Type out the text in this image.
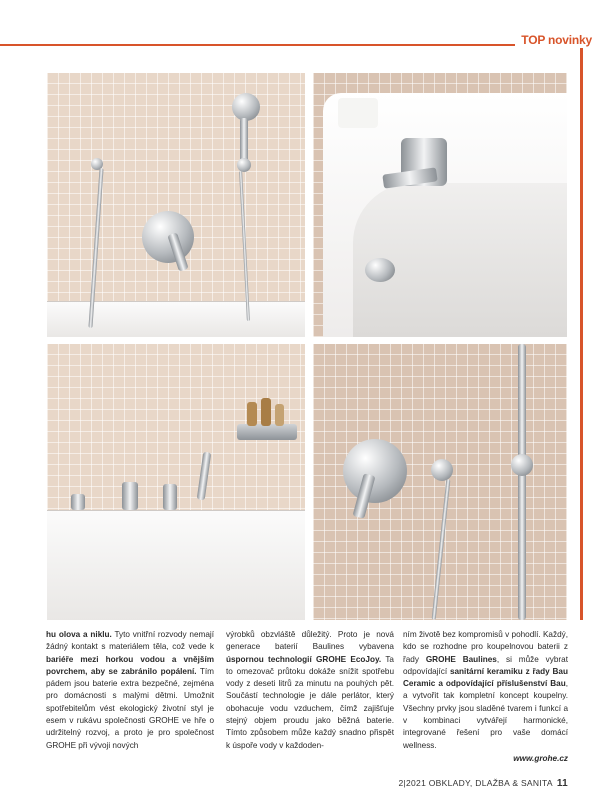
TOP novinky

hu olova a niklu. Tyto vnitřní rozvody nemají žádný kontakt s materiálem těla, což vede k bariéře mezi horkou vodou a vnějším povrchem, aby se zabránilo popálení. Tím pádem jsou baterie extra bezpečné, zejména pro domácnosti s malými dětmi. Umožnit spotřebitelům vést ekologický životní styl je esem v rukávu společnosti GROHE ve hře o udržitelný rozvoj, a proto je pro společnost GROHE při vývoji nových

výrobků obzvláště důležitý. Proto je nová generace baterií Baulines vybavena úspornou technologií GROHE EcoJoy. Ta to omezovač průtoku dokáže snížit spotřebu vody z deseti litrů za minutu na pouhých pět. Součástí technologie je dále perlátor, který obohacuje vodu vzduchem, čímž zajišťuje stejný objem proudu jako běžná baterie. Tímto způsobem může každý snadno přispět k úspoře vody v každoden-

ním životě bez kompromisů v pohodlí. Každý, kdo se rozhodne pro koupelnovou baterii z řady GROHE Baulines, si může vybrat odpovídající sanitární keramiku z řady Bau Ceramic a odpovídající příslušenství Bau, a vytvořit tak kompletní koncept koupelny. Všechny prvky jsou sladěné tvarem i funkcí a v kombinaci vytvářejí harmonické, integrované řešení pro vaše domácí wellness.

www.grohe.cz
2|2021 OBKLADY, DLAŽBA & SANITA 11
